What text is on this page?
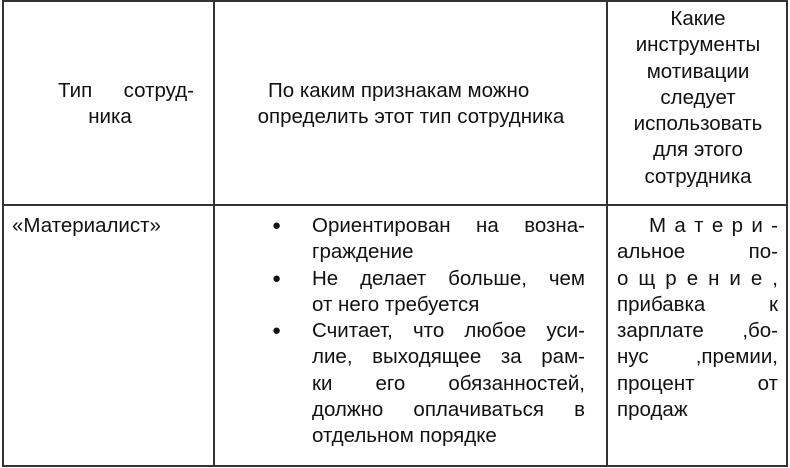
Тип сотруд-
ника
По каким признакам можно
определить этот тип сотрудника
Какие
инструменты
мотивации
следует
использовать
для этого
сотрудника
«Материалист»	● Ориентирован на возна-
граждение
● Не делает больше, чем
от него требуется
● Считает, что любое уси-
лие, выходящее за рам-
ки его обязанностей,
должно оплачиваться в
отдельном порядке
М а т е р и -
альное по-
о щ р е н и е ,
прибавка к
зарплате ,бо-
нус ,премии,
процент от
продаж
